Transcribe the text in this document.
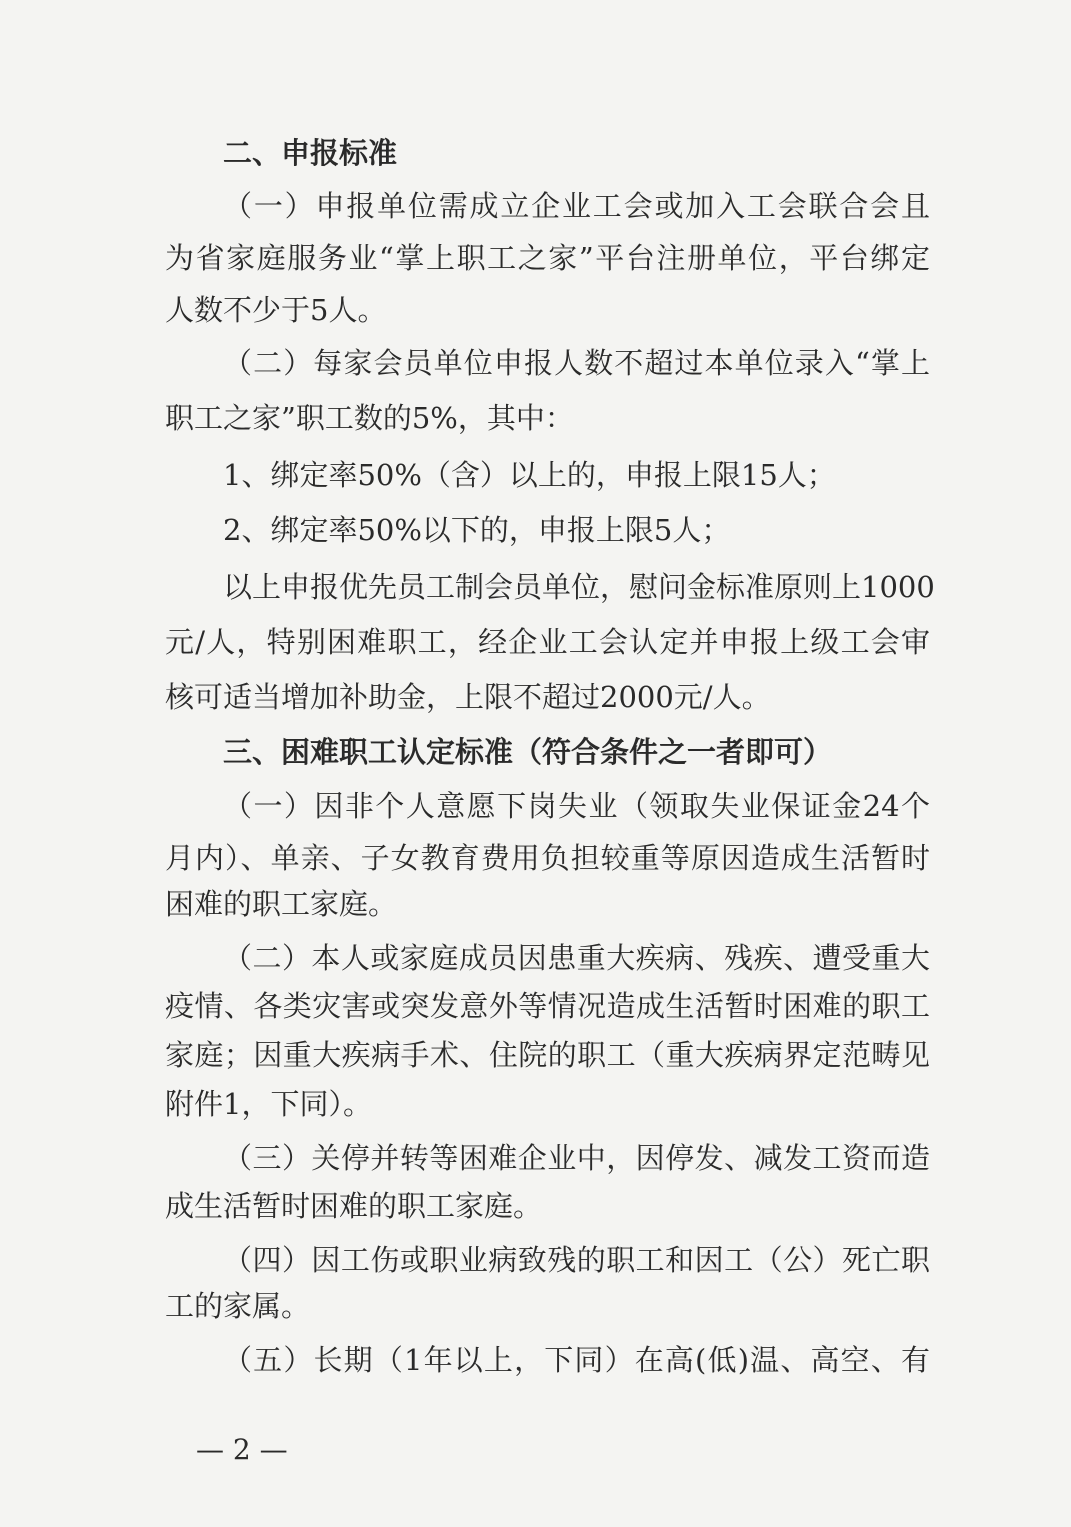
二、申报标准
（一）申报单位需成立企业工会或加入工会联合会且
为省家庭服务业“掌上职工之家”平台注册单位，平台绑定
人数不少于5人。
（二）每家会员单位申报人数不超过本单位录入“掌上
职工之家”职工数的5%，其中：
1、绑定率50%（含）以上的，申报上限15人；
2、绑定率50%以下的，申报上限5人；
以上申报优先员工制会员单位，慰问金标准原则上1000
元/人，特别困难职工，经企业工会认定并申报上级工会审
核可适当增加补助金，上限不超过2000元/人。
三、困难职工认定标准（符合条件之一者即可）
（一）因非个人意愿下岗失业（领取失业保证金24个
月内）、单亲、子女教育费用负担较重等原因造成生活暂时
困难的职工家庭。
（二）本人或家庭成员因患重大疾病、残疾、遭受重大
疫情、各类灾害或突发意外等情况造成生活暂时困难的职工
家庭；因重大疾病手术、住院的职工（重大疾病界定范畴见
附件1，下同）。
（三）关停并转等困难企业中，因停发、减发工资而造
成生活暂时困难的职工家庭。
（四）因工伤或职业病致残的职工和因工（公）死亡职
工的家属。
（五）长期（1年以上，下同）在高(低)温、高空、有
— 2 —
